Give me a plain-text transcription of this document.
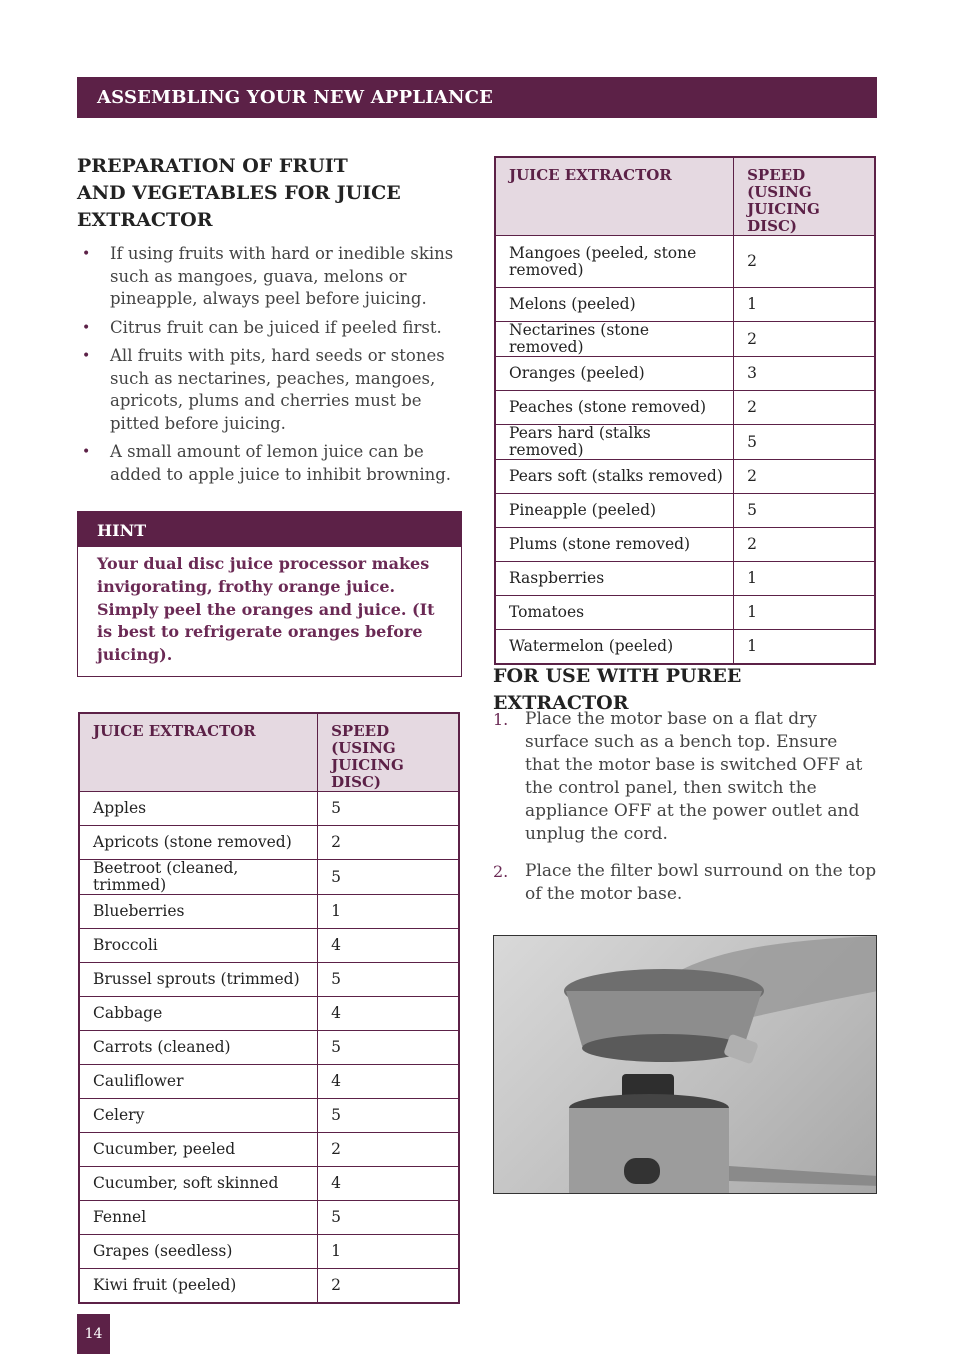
ASSEMBLING YOUR NEW APPLIANCE
PREPARATION OF FRUIT
AND VEGETABLES FOR JUICE
EXTRACTOR
• If using fruits with hard or inedible skins such as mangoes, guava, melons or pineapple, always peel before juicing.
• Citrus fruit can be juiced if peeled first.
• All fruits with pits, hard seeds or stones such as nectarines, peaches, mangoes, apricots, plums and cherries must be pitted before juicing.
• A small amount of lemon juice can be added to apple juice to inhibit browning.
HINT
Your dual disc juice processor makes invigorating, frothy orange juice. Simply peel the oranges and juice. (It is best to refrigerate oranges before juicing).
JUICE EXTRACTOR	SPEED (USING JUICING DISC)
Apples	5
Apricots (stone removed)	2
Beetroot (cleaned, trimmed)	5
Blueberries	1
Broccoli	4
Brussel sprouts (trimmed)	5
Cabbage	4
Carrots (cleaned)	5
Cauliflower	4
Celery	5
Cucumber, peeled	2
Cucumber, soft skinned	4
Fennel	5
Grapes (seedless)	1
Kiwi fruit (peeled)	2
JUICE EXTRACTOR	SPEED (USING JUICING DISC)
Mangoes (peeled, stone removed)	2
Melons (peeled)	1
Nectarines (stone removed)	2
Oranges (peeled)	3
Peaches (stone removed)	2
Pears hard (stalks removed)	5
Pears soft (stalks removed)	2
Pineapple (peeled)	5
Plums (stone removed)	2
Raspberries	1
Tomatoes	1
Watermelon (peeled)	1
FOR USE WITH PUREE EXTRACTOR
1. Place the motor base on a flat dry surface such as a bench top. Ensure that the motor base is switched OFF at the control panel, then switch the appliance OFF at the power outlet and unplug the cord.
2. Place the filter bowl surround on the top of the motor base.
14
